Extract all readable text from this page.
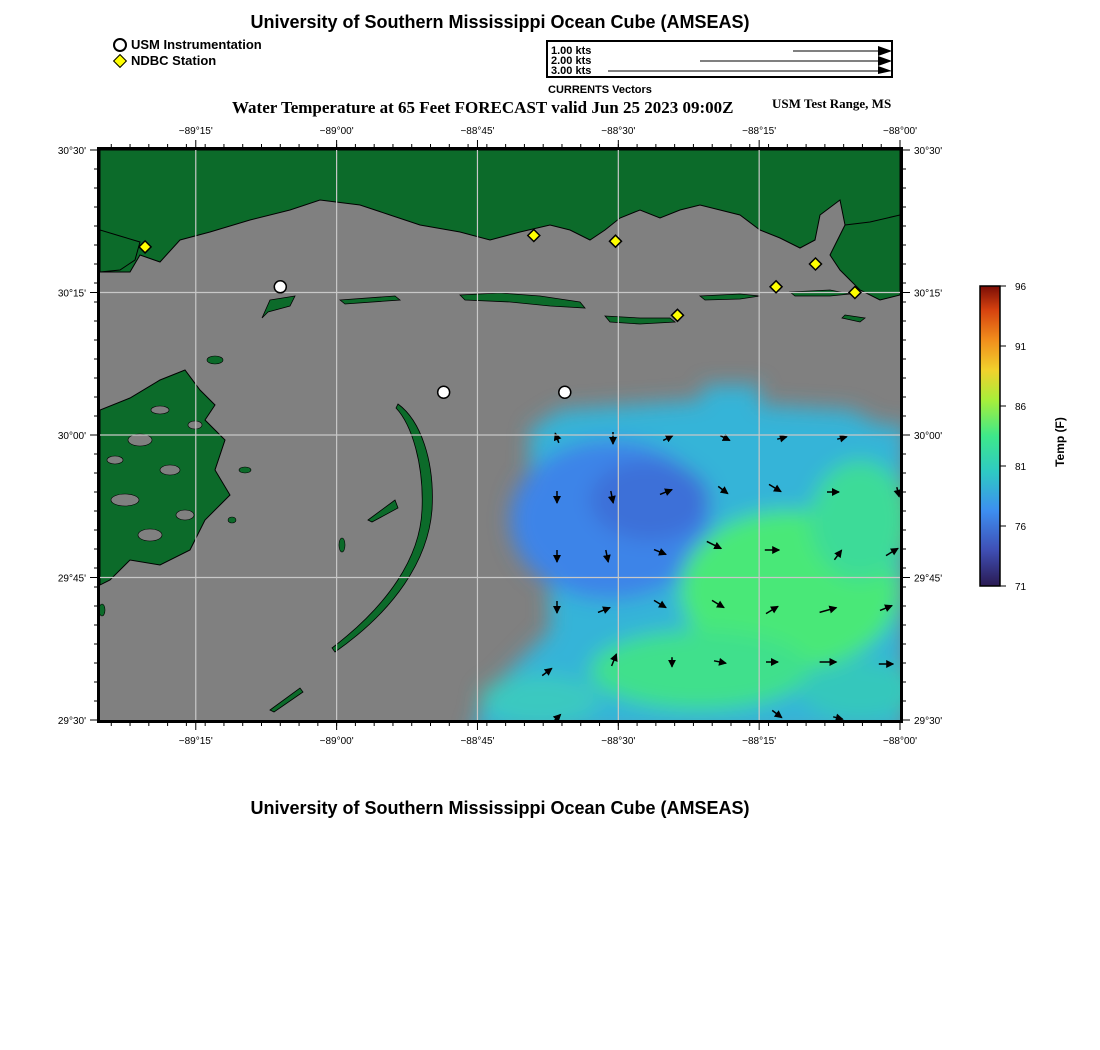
University of Southern Mississippi Ocean Cube (AMSEAS)
USM Instrumentation
NDBC Station
1.00 kts
2.00 kts
3.00 kts
CURRENTS Vectors
Water Temperature at 65 Feet FORECAST valid Jun 25 2023 09:00Z	USM Test Range, MS
−89°15'
−89°15'
−89°00'
−89°00'
−88°45'
−88°45'
−88°30'
−88°30'
−88°15'
−88°15'
−88°00'
−88°00'
30°30'	30°30'
30°15'	30°15'
30°00'	30°00'
29°45'	29°45'
29°30'	29°30'
96
91
86
81
76
71
Temp (F)
University of Southern Mississippi Ocean Cube (AMSEAS)
